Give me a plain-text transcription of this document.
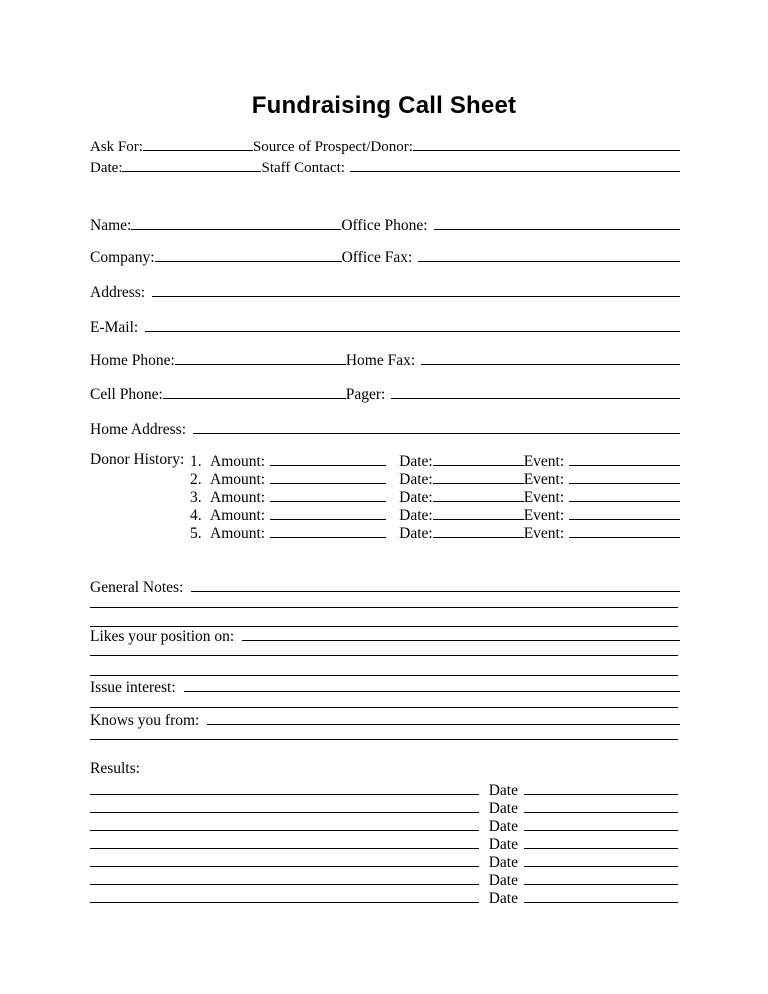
Fundraising Call Sheet
Ask For:	Source of Prospect/Donor:
Date:	Staff Contact:
Name:	Office Phone:
Company:	Office Fax:
Address:
E-Mail:
Home Phone:	Home Fax:
Cell Phone:	Pager:
Home Address:
Donor History: 1. Amount:	Date:	Event:
2. Amount:	Date:	Event:
3. Amount:	Date:	Event:
4. Amount:	Date:	Event:
5. Amount:	Date:	Event:
General Notes:
Likes your position on:
Issue interest:
Knows you from:
Results:
Date
Date
Date
Date
Date
Date
Date
